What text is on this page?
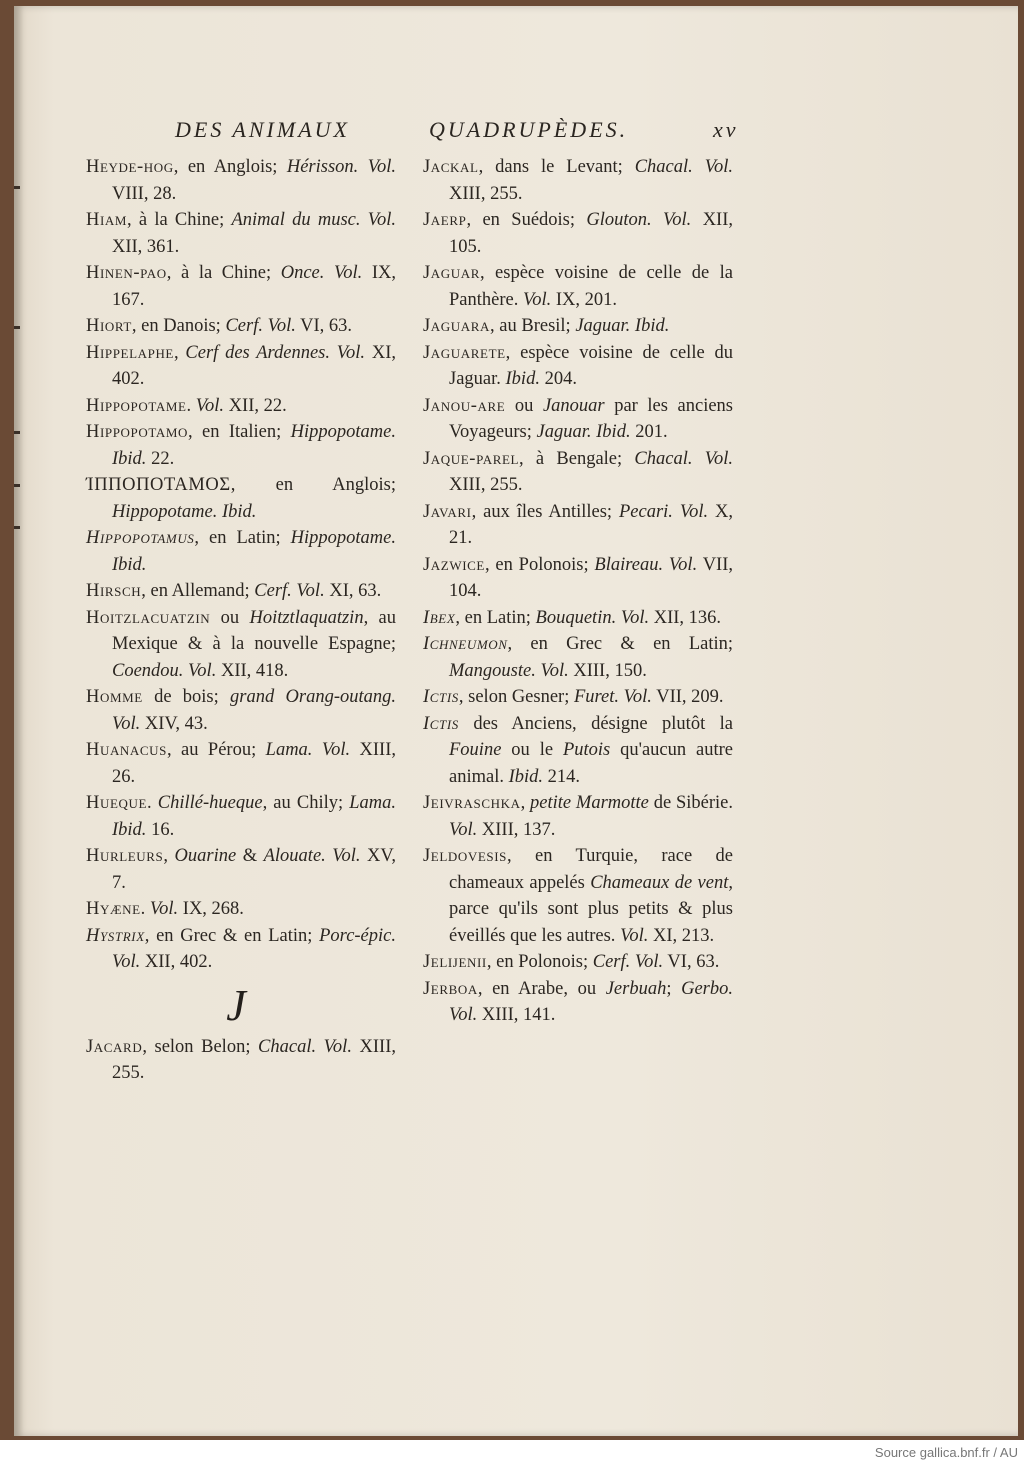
DES ANIMAUX	QUADRUPÈDES.	xv

Heyde-hog, en Anglois; Hérisson. Vol. VIII, 28.

Hiam, à la Chine; Animal du musc. Vol. XII, 361.

Hinen-pao, à la Chine; Once. Vol. IX, 167.

Hiort, en Danois; Cerf. Vol. VI, 63.

Hippelaphe, Cerf des Ardennes. Vol. XI, 402.

Hippopotame. Vol. XII, 22.

Hippopotamo, en Italien; Hippopotame. Ibid. 22.

ΊΠΠΟΠΟΤΑΜΟΣ, en Anglois; Hippopotame. Ibid.

Hippopotamus, en Latin; Hippopotame. Ibid.

Hirsch, en Allemand; Cerf. Vol. XI, 63.

Hoitzlacuatzin ou Hoitztlaquatzin, au Mexique & à la nouvelle Espagne; Coendou. Vol. XII, 418.

Homme de bois; grand Orang-outang. Vol. XIV, 43.

Huanacus, au Pérou; Lama. Vol. XIII, 26.

Hueque. Chillé-hueque, au Chily; Lama. Ibid. 16.

Hurleurs, Ouarine & Alouate. Vol. XV, 7.

Hyæne. Vol. IX, 268.

Hystrix, en Grec & en Latin; Porc-épic. Vol. XII, 402.

J

Jacard, selon Belon; Chacal. Vol. XIII, 255.

Jackal, dans le Levant; Chacal. Vol. XIII, 255.

Jaerp, en Suédois; Glouton. Vol. XII, 105.

Jaguar, espèce voisine de celle de la Panthère. Vol. IX, 201.

Jaguara, au Bresil; Jaguar. Ibid.

Jaguarete, espèce voisine de celle du Jaguar. Ibid. 204.

Janou-are ou Janouar par les anciens Voyageurs; Jaguar. Ibid. 201.

Jaque-parel, à Bengale; Chacal. Vol. XIII, 255.

Javari, aux îles Antilles; Pecari. Vol. X, 21.

Jazwice, en Polonois; Blaireau. Vol. VII, 104.

Ibex, en Latin; Bouquetin. Vol. XII, 136.

Ichneumon, en Grec & en Latin; Mangouste. Vol. XIII, 150.

Ictis, selon Gesner; Furet. Vol. VII, 209.

Ictis des Anciens, désigne plutôt la Fouine ou le Putois qu'aucun autre animal. Ibid. 214.

Jeivraschka, petite Marmotte de Sibérie. Vol. XIII, 137.

Jeldovesis, en Turquie, race de chameaux appelés Chameaux de vent, parce qu'ils sont plus petits & plus éveillés que les autres. Vol. XI, 213.

Jelijenii, en Polonois; Cerf. Vol. VI, 63.

Jerboa, en Arabe, ou Jerbuah; Gerbo. Vol. XIII, 141.

Source gallica.bnf.fr / AU
